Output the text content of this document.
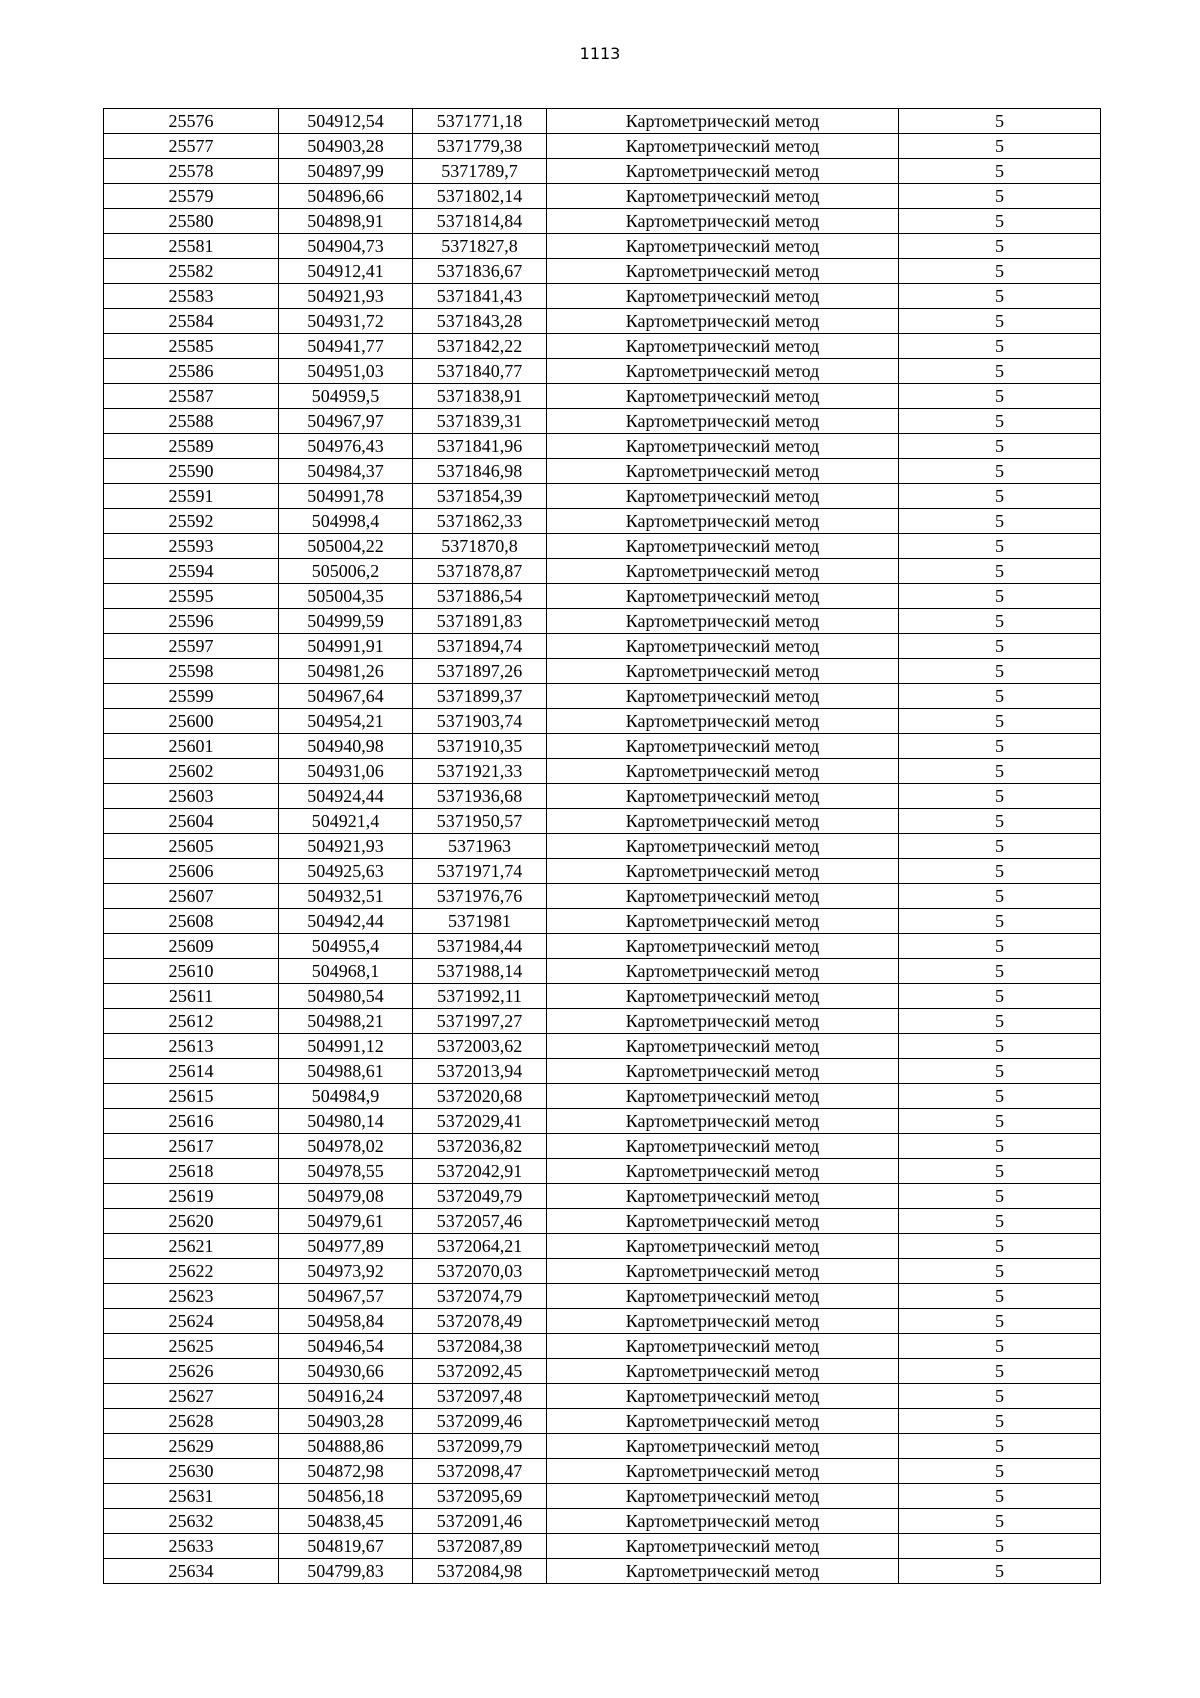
1113
25576	504912,54	5371771,18	Картометрический метод	5
25577	504903,28	5371779,38	Картометрический метод	5
25578	504897,99	5371789,7	Картометрический метод	5
25579	504896,66	5371802,14	Картометрический метод	5
25580	504898,91	5371814,84	Картометрический метод	5
25581	504904,73	5371827,8	Картометрический метод	5
25582	504912,41	5371836,67	Картометрический метод	5
25583	504921,93	5371841,43	Картометрический метод	5
25584	504931,72	5371843,28	Картометрический метод	5
25585	504941,77	5371842,22	Картометрический метод	5
25586	504951,03	5371840,77	Картометрический метод	5
25587	504959,5	5371838,91	Картометрический метод	5
25588	504967,97	5371839,31	Картометрический метод	5
25589	504976,43	5371841,96	Картометрический метод	5
25590	504984,37	5371846,98	Картометрический метод	5
25591	504991,78	5371854,39	Картометрический метод	5
25592	504998,4	5371862,33	Картометрический метод	5
25593	505004,22	5371870,8	Картометрический метод	5
25594	505006,2	5371878,87	Картометрический метод	5
25595	505004,35	5371886,54	Картометрический метод	5
25596	504999,59	5371891,83	Картометрический метод	5
25597	504991,91	5371894,74	Картометрический метод	5
25598	504981,26	5371897,26	Картометрический метод	5
25599	504967,64	5371899,37	Картометрический метод	5
25600	504954,21	5371903,74	Картометрический метод	5
25601	504940,98	5371910,35	Картометрический метод	5
25602	504931,06	5371921,33	Картометрический метод	5
25603	504924,44	5371936,68	Картометрический метод	5
25604	504921,4	5371950,57	Картометрический метод	5
25605	504921,93	5371963	Картометрический метод	5
25606	504925,63	5371971,74	Картометрический метод	5
25607	504932,51	5371976,76	Картометрический метод	5
25608	504942,44	5371981	Картометрический метод	5
25609	504955,4	5371984,44	Картометрический метод	5
25610	504968,1	5371988,14	Картометрический метод	5
25611	504980,54	5371992,11	Картометрический метод	5
25612	504988,21	5371997,27	Картометрический метод	5
25613	504991,12	5372003,62	Картометрический метод	5
25614	504988,61	5372013,94	Картометрический метод	5
25615	504984,9	5372020,68	Картометрический метод	5
25616	504980,14	5372029,41	Картометрический метод	5
25617	504978,02	5372036,82	Картометрический метод	5
25618	504978,55	5372042,91	Картометрический метод	5
25619	504979,08	5372049,79	Картометрический метод	5
25620	504979,61	5372057,46	Картометрический метод	5
25621	504977,89	5372064,21	Картометрический метод	5
25622	504973,92	5372070,03	Картометрический метод	5
25623	504967,57	5372074,79	Картометрический метод	5
25624	504958,84	5372078,49	Картометрический метод	5
25625	504946,54	5372084,38	Картометрический метод	5
25626	504930,66	5372092,45	Картометрический метод	5
25627	504916,24	5372097,48	Картометрический метод	5
25628	504903,28	5372099,46	Картометрический метод	5
25629	504888,86	5372099,79	Картометрический метод	5
25630	504872,98	5372098,47	Картометрический метод	5
25631	504856,18	5372095,69	Картометрический метод	5
25632	504838,45	5372091,46	Картометрический метод	5
25633	504819,67	5372087,89	Картометрический метод	5
25634	504799,83	5372084,98	Картометрический метод	5
